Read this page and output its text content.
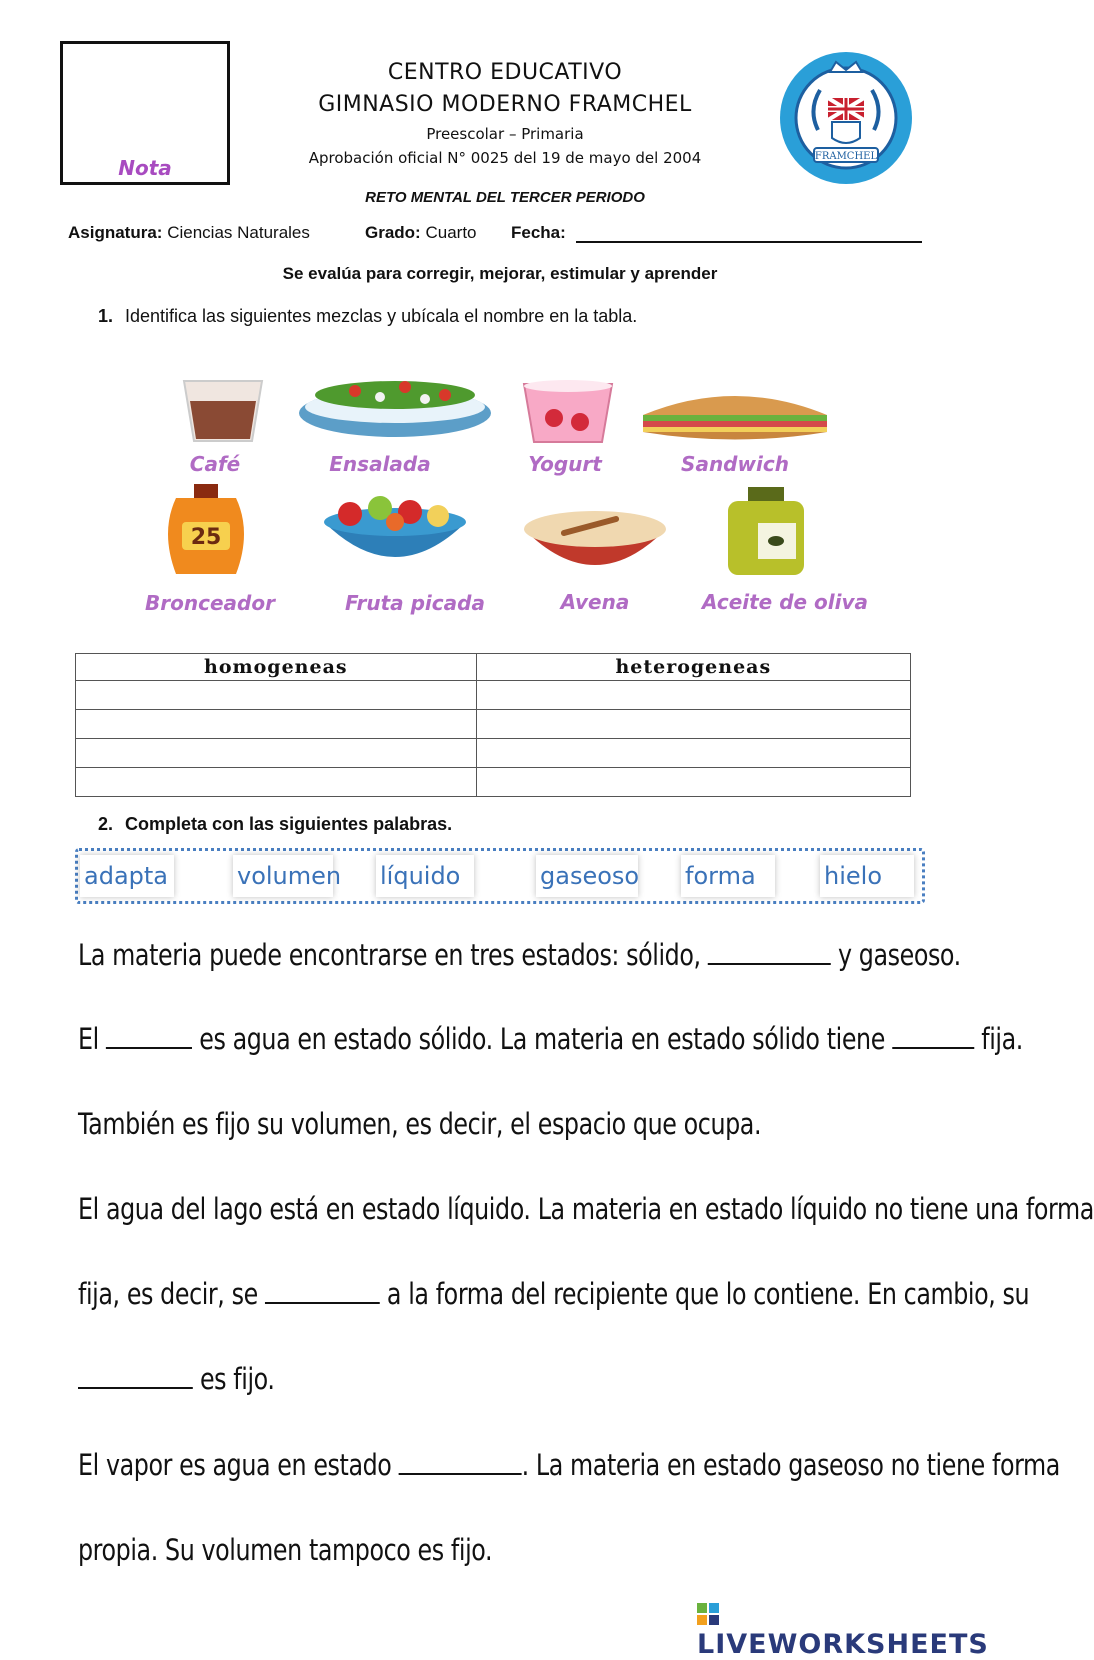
Nota
CENTRO EDUCATIVO
GIMNASIO MODERNO FRAMCHEL
Preescolar – Primaria
Aprobación oficial N° 0025 del 19 de mayo del 2004
RETO MENTAL DEL TERCER PERIODO
FRAMCHEL
Asignatura: Ciencias Naturales	Grado: Cuarto Fecha:
Se evalúa para corregir, mejorar, estimular y aprender
1. Identifica las siguientes mezclas y ubícala el nombre en la tabla.
Café	Ensalada	Yogurt	Sandwich
25
Bronceador	Fruta picada	Avena	Aceite de oliva
homogeneas	heterogeneas

2. Completa con las siguientes palabras.
adapta	volumen líquido	gaseoso forma	hielo
La materia puede encontrarse en tres estados: sólido,	y gaseoso.
El	es agua en estado sólido. La materia en estado sólido tiene	fija.
También es fijo su volumen, es decir, el espacio que ocupa.
El agua del lago está en estado líquido. La materia en estado líquido no tiene una forma
fija, es decir, se	a la forma del recipiente que lo contiene. En cambio, su
es fijo.
El vapor es agua en estado	. La materia en estado gaseoso no tiene forma
propia. Su volumen tampoco es fijo.
LIVEWORKSHEETS
